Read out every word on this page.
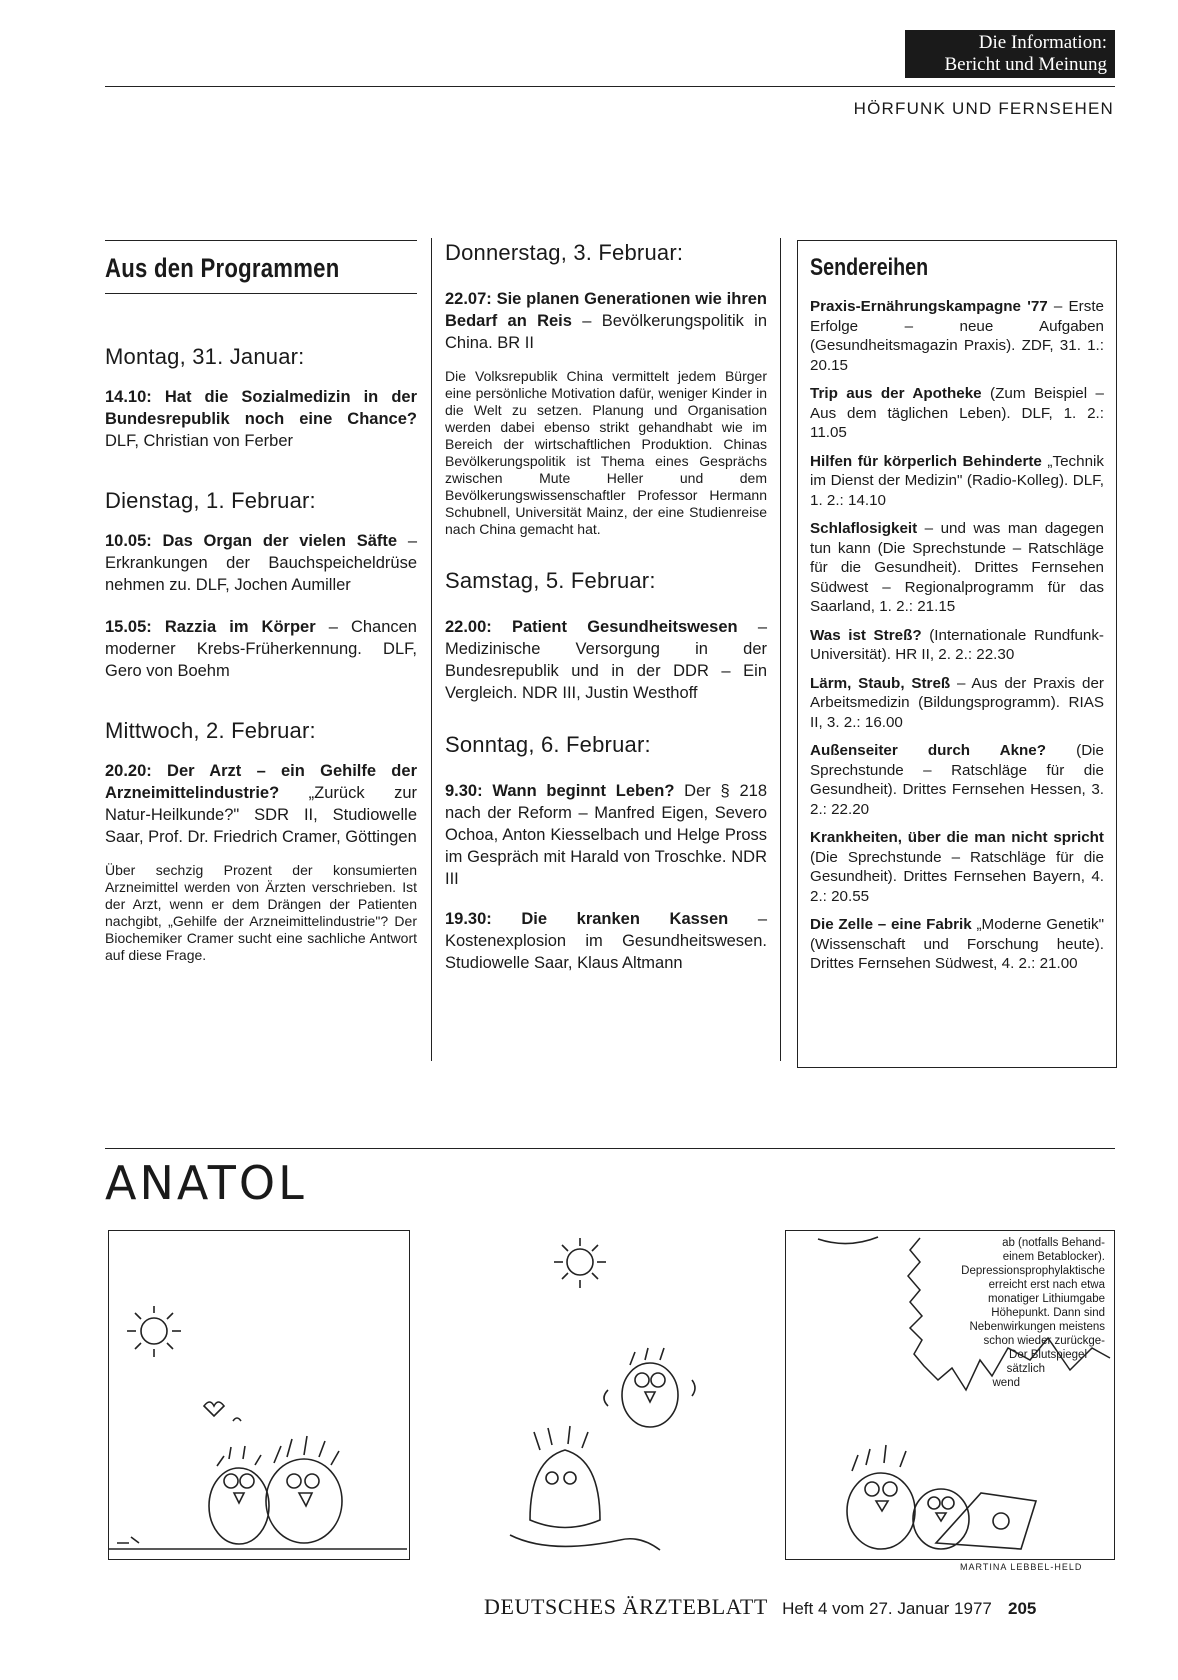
Die Information:
Bericht und Meinung
HÖRFUNK UND FERNSEHEN
Aus den Programmen
Montag, 31. Januar:
14.10: Hat die Sozialmedizin in der Bundesrepublik noch eine Chance? DLF, Christian von Ferber
Dienstag, 1. Februar:
10.05: Das Organ der vielen Säfte – Erkrankungen der Bauchspeicheldrüse nehmen zu. DLF, Jochen Aumiller
15.05: Razzia im Körper – Chancen moderner Krebs-Früherkennung. DLF, Gero von Boehm
Mittwoch, 2. Februar:
20.20: Der Arzt – ein Gehilfe der Arzneimittelindustrie? „Zurück zur Natur-Heilkunde?" SDR II, Studiowelle Saar, Prof. Dr. Friedrich Cramer, Göttingen
Über sechzig Prozent der konsumierten Arzneimittel werden von Ärzten verschrieben. Ist der Arzt, wenn er dem Drängen der Patienten nachgibt, „Gehilfe der Arzneimittelindustrie"? Der Biochemiker Cramer sucht eine sachliche Antwort auf diese Frage.
Donnerstag, 3. Februar:
22.07: Sie planen Generationen wie ihren Bedarf an Reis – Bevölkerungspolitik in China. BR II
Die Volksrepublik China vermittelt jedem Bürger eine persönliche Motivation dafür, weniger Kinder in die Welt zu setzen. Planung und Organisation werden dabei ebenso strikt gehandhabt wie im Bereich der wirtschaftlichen Produktion. Chinas Bevölkerungspolitik ist Thema eines Gesprächs zwischen Mute Heller und dem Bevölkerungswissenschaftler Professor Hermann Schubnell, Universität Mainz, der eine Studienreise nach China gemacht hat.
Samstag, 5. Februar:
22.00: Patient Gesundheitswesen – Medizinische Versorgung in der Bundesrepublik und in der DDR – Ein Vergleich. NDR III, Justin Westhoff
Sonntag, 6. Februar:
9.30: Wann beginnt Leben? Der § 218 nach der Reform – Manfred Eigen, Severo Ochoa, Anton Kiesselbach und Helge Pross im Gespräch mit Harald von Troschke. NDR III
19.30: Die kranken Kassen – Kostenexplosion im Gesundheitswesen. Studiowelle Saar, Klaus Altmann
Sendereihen
Praxis-Ernährungskampagne '77 – Erste Erfolge – neue Aufgaben (Gesundheitsmagazin Praxis). ZDF, 31. 1.: 20.15
Trip aus der Apotheke (Zum Beispiel – Aus dem täglichen Leben). DLF, 1. 2.: 11.05
Hilfen für körperlich Behinderte „Technik im Dienst der Medizin" (Radio-Kolleg). DLF, 1. 2.: 14.10
Schlaflosigkeit – und was man dagegen tun kann (Die Sprechstunde – Ratschläge für die Gesundheit). Drittes Fernsehen Südwest – Regionalprogramm für das Saarland, 1. 2.: 21.15
Was ist Streß? (Internationale Rundfunk-Universität). HR II, 2. 2.: 22.30
Lärm, Staub, Streß – Aus der Praxis der Arbeitsmedizin (Bildungsprogramm). RIAS II, 3. 2.: 16.00
Außenseiter durch Akne? (Die Sprechstunde – Ratschläge für die Gesundheit). Drittes Fernsehen Hessen, 3. 2.: 22.20
Krankheiten, über die man nicht spricht (Die Sprechstunde – Ratschläge für die Gesundheit). Drittes Fernsehen Bayern, 4. 2.: 20.55
Die Zelle – eine Fabrik „Moderne Genetik" (Wissenschaft und Forschung heute). Drittes Fernsehen Südwest, 4. 2.: 21.00
ANATOL
ab (notfalls Behand-
einem Betablocker).
Depressionsprophylaktische
erreicht erst nach etwa
monatiger Lithiumgabe
Höhepunkt. Dann sind
Nebenwirkungen meistens
schon wieder zurückge-
Der Blutspiegel
sätzlich
wend
MARTINA LEBBEL-HELD
DEUTSCHES ÄRZTEBLATT Heft 4 vom 27. Januar 1977 205
